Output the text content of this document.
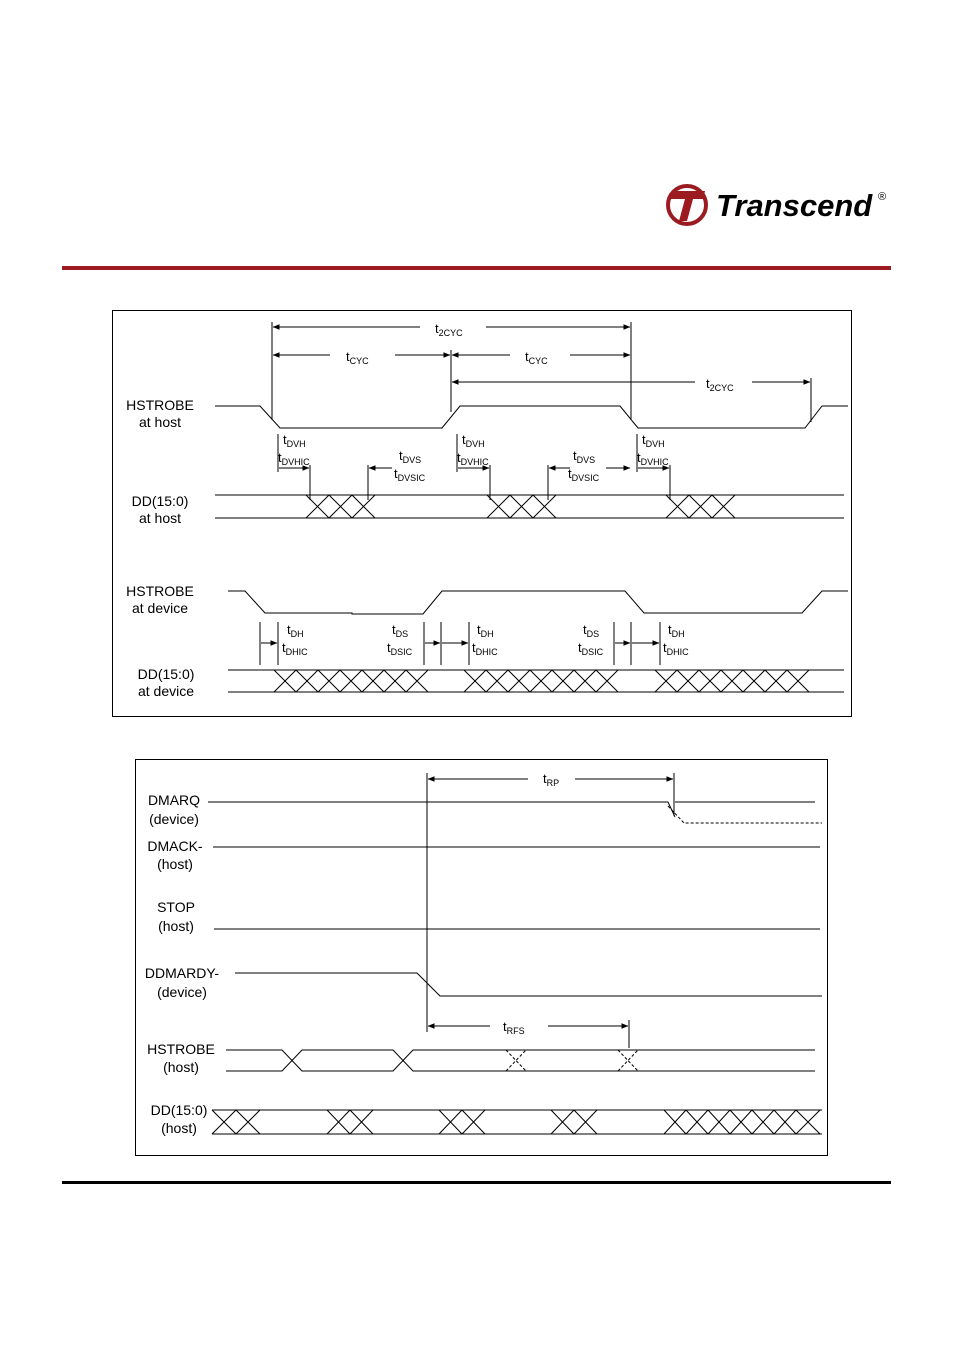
Transcend ®
HSTROBE
at host
DD(15:0)
at host
HSTROBE
at device
DD(15:0)
at device
$t_{2CYC}$
$t_{2CYC}$
$t_{CYC}$	$t_{CYC}$
$t_{DVH}$
$t_{DVHIC}$
$t_{DVH}$
$t_{DVHIC}$
$t_{DVH}$
$t_{DVHIC}$
$t_{DVS}$
$t_{DVSIC}$
$t_{DVS}$
$t_{DVSIC}$
$t_{DH}$
$t_{DHIC}$
$t_{DH}$
$t_{DHIC}$
$t_{DH}$
$t_{DHIC}$
$t_{DS}$
$t_{DSIC}$
$t_{DS}$
$t_{DSIC}$
DMARQ
(device)
DMACK-
(host)
STOP
(host)
DDMARDY-
(device)
HSTROBE
(host)
DD(15:0)
(host)
$t_{RP}$
$t_{RFS}$
